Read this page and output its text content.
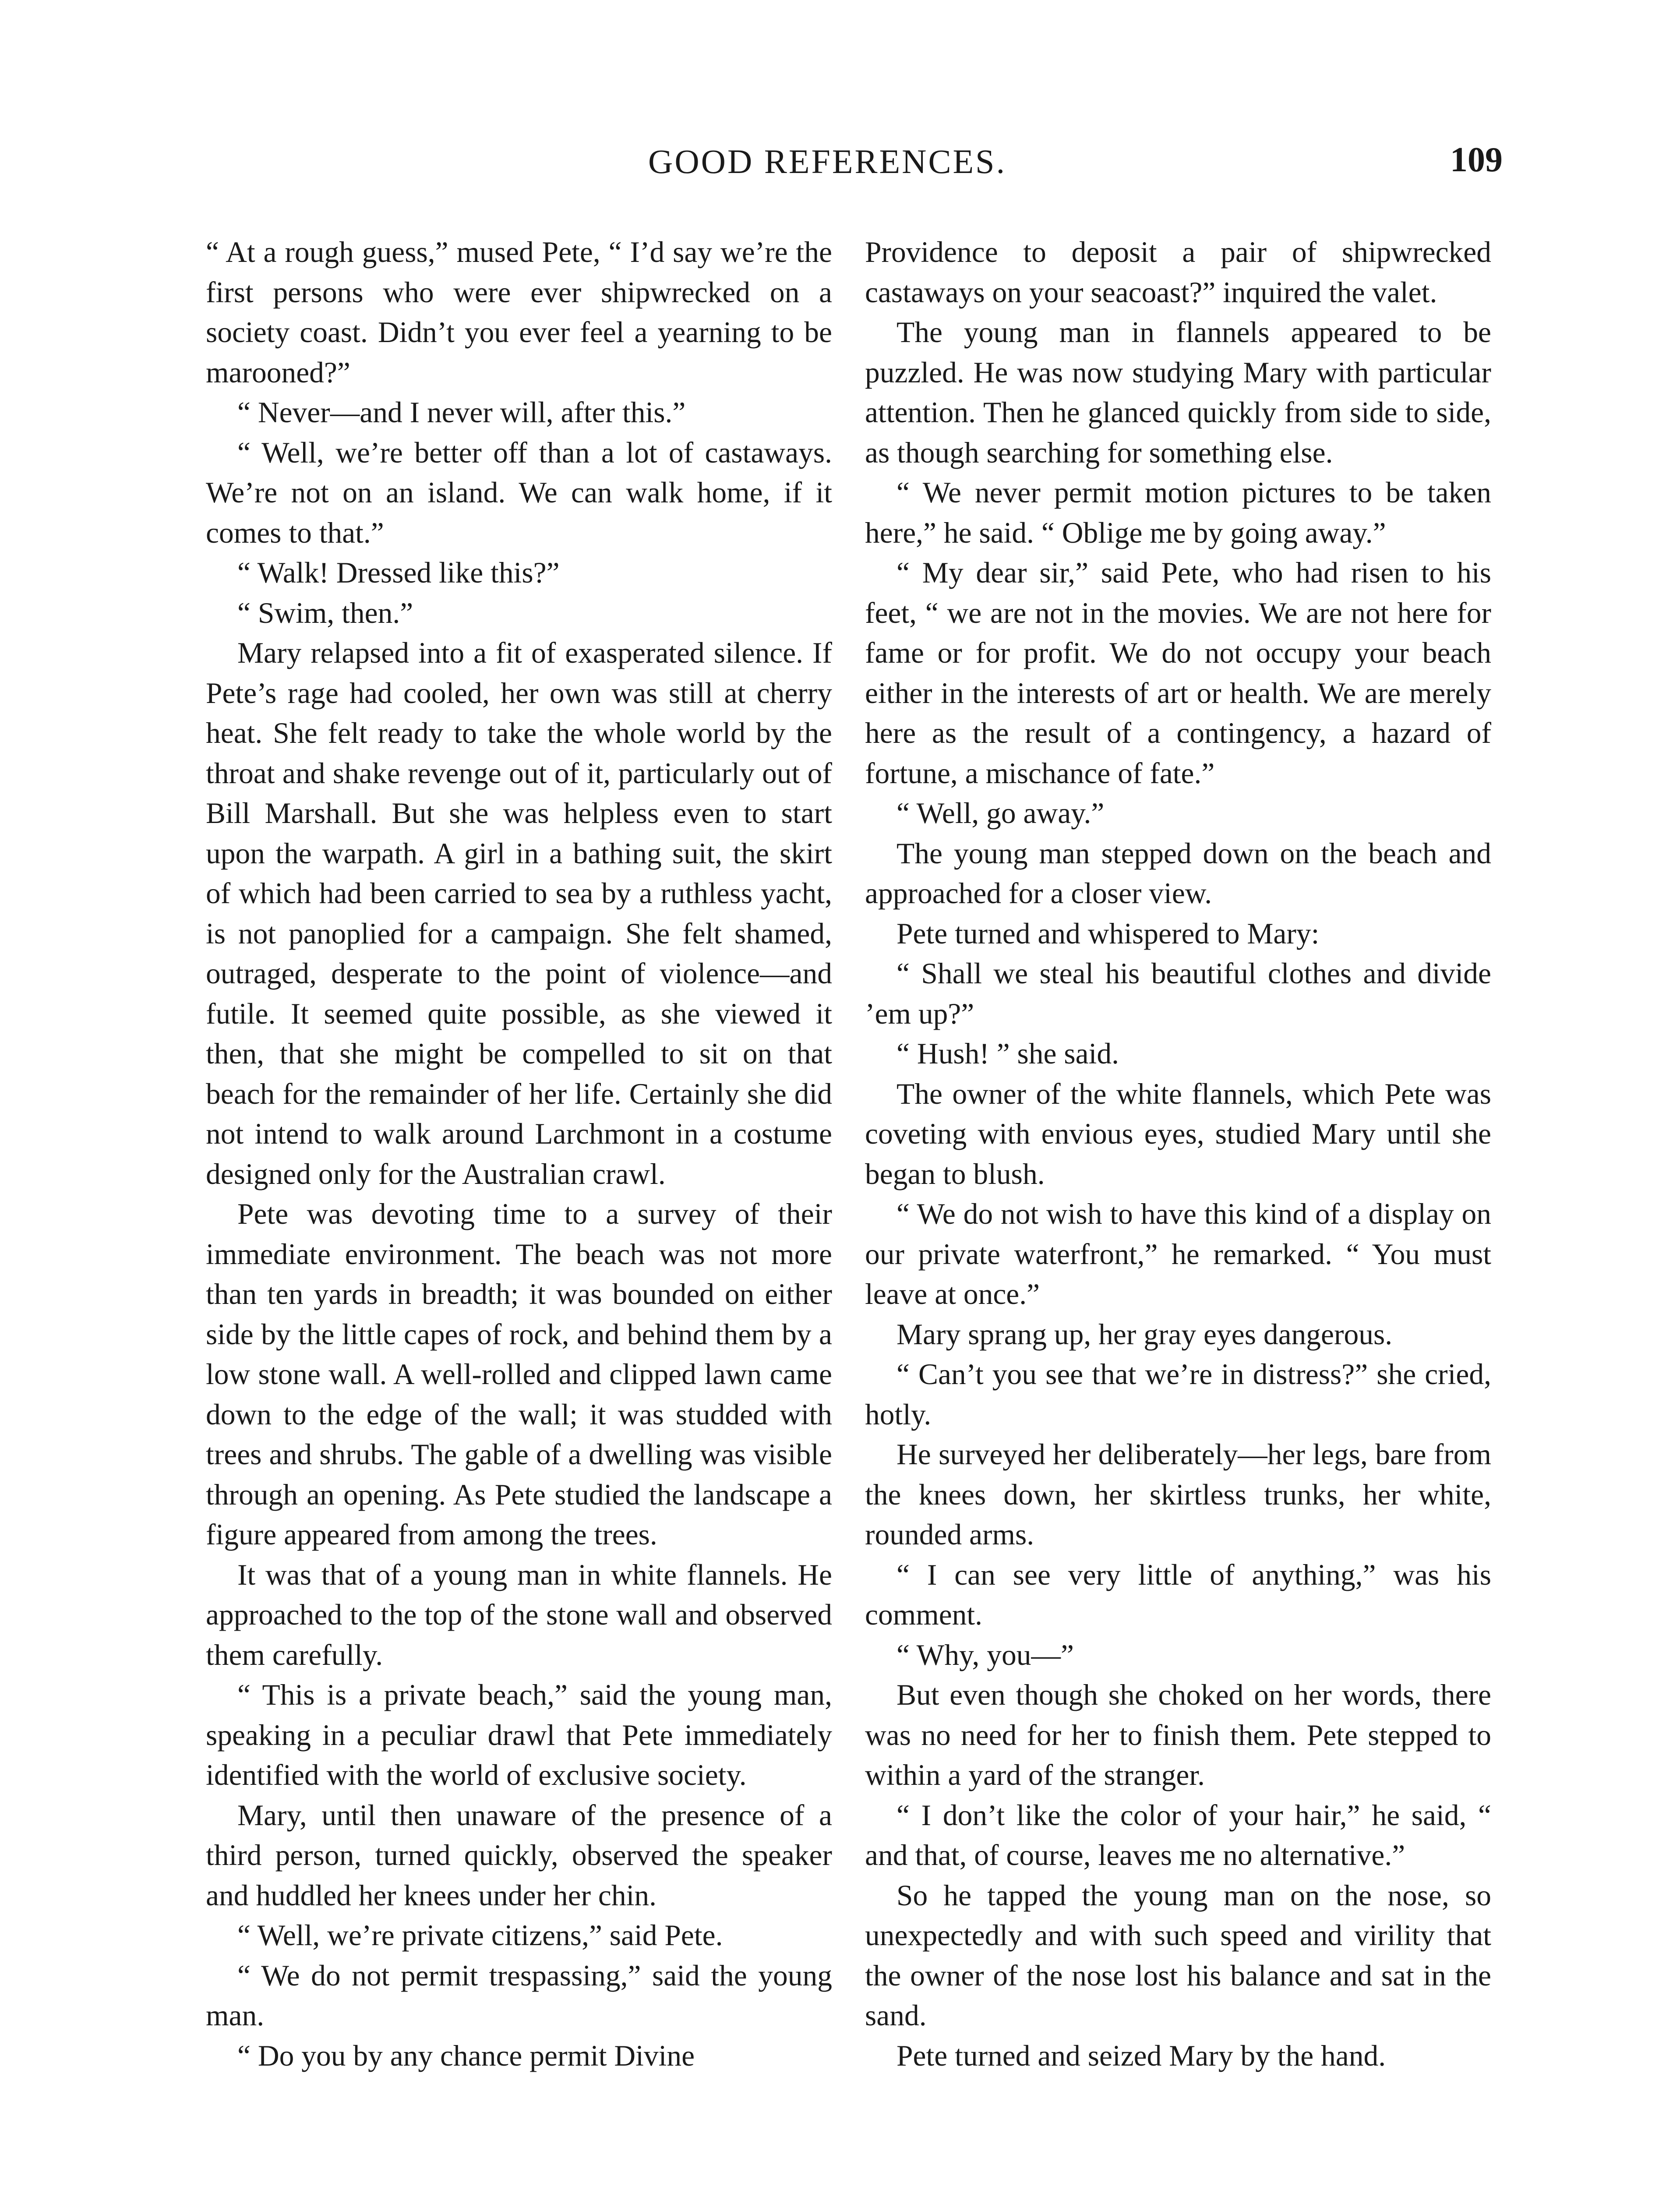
GOOD REFERENCES.	109

“ At a rough guess,” mused Pete, “ I’d say we’re the first persons who were ever shipwrecked on a society coast. Didn’t you ever feel a yearning to be marooned?”

“ Never—and I never will, after this.”

“ Well, we’re better off than a lot of castaways. We’re not on an island. We can walk home, if it comes to that.”

“ Walk! Dressed like this?”

“ Swim, then.”

Mary relapsed into a fit of exasperated silence. If Pete’s rage had cooled, her own was still at cherry heat. She felt ready to take the whole world by the throat and shake revenge out of it, particularly out of Bill Marshall. But she was helpless even to start upon the warpath. A girl in a bathing suit, the skirt of which had been carried to sea by a ruthless yacht, is not panoplied for a campaign. She felt shamed, outraged, desperate to the point of violence—and futile. It seemed quite possible, as she viewed it then, that she might be compelled to sit on that beach for the remainder of her life. Certainly she did not intend to walk around Larchmont in a costume designed only for the Australian crawl.

Pete was devoting time to a survey of their immediate environment. The beach was not more than ten yards in breadth; it was bounded on either side by the little capes of rock, and behind them by a low stone wall. A well-rolled and clipped lawn came down to the edge of the wall; it was studded with trees and shrubs. The gable of a dwelling was visible through an opening. As Pete studied the landscape a figure appeared from among the trees.

It was that of a young man in white flannels. He approached to the top of the stone wall and observed them carefully.

“ This is a private beach,” said the young man, speaking in a peculiar drawl that Pete immediately identified with the world of exclusive society.

Mary, until then unaware of the presence of a third person, turned quickly, observed the speaker and huddled her knees under her chin.

“ Well, we’re private citizens,” said Pete.

“ We do not permit trespassing,” said the young man.

“ Do you by any chance permit Divine

Providence to deposit a pair of shipwrecked castaways on your seacoast?” inquired the valet.

The young man in flannels appeared to be puzzled. He was now studying Mary with particular attention. Then he glanced quickly from side to side, as though searching for something else.

“ We never permit motion pictures to be taken here,” he said. “ Oblige me by going away.”

“ My dear sir,” said Pete, who had risen to his feet, “ we are not in the movies. We are not here for fame or for profit. We do not occupy your beach either in the interests of art or health. We are merely here as the result of a contingency, a hazard of fortune, a mischance of fate.”

“ Well, go away.”

The young man stepped down on the beach and approached for a closer view.

Pete turned and whispered to Mary:

“ Shall we steal his beautiful clothes and divide ’em up?”

“ Hush! ” she said.

The owner of the white flannels, which Pete was coveting with envious eyes, studied Mary until she began to blush.

“ We do not wish to have this kind of a display on our private waterfront,” he remarked. “ You must leave at once.”

Mary sprang up, her gray eyes dangerous.

“ Can’t you see that we’re in distress?” she cried, hotly.

He surveyed her deliberately—her legs, bare from the knees down, her skirtless trunks, her white, rounded arms.

“ I can see very little of anything,” was his comment.

“ Why, you—”

But even though she choked on her words, there was no need for her to finish them. Pete stepped to within a yard of the stranger.

“ I don’t like the color of your hair,” he said, “ and that, of course, leaves me no alternative.”

So he tapped the young man on the nose, so unexpectedly and with such speed and virility that the owner of the nose lost his balance and sat in the sand.

Pete turned and seized Mary by the hand.
